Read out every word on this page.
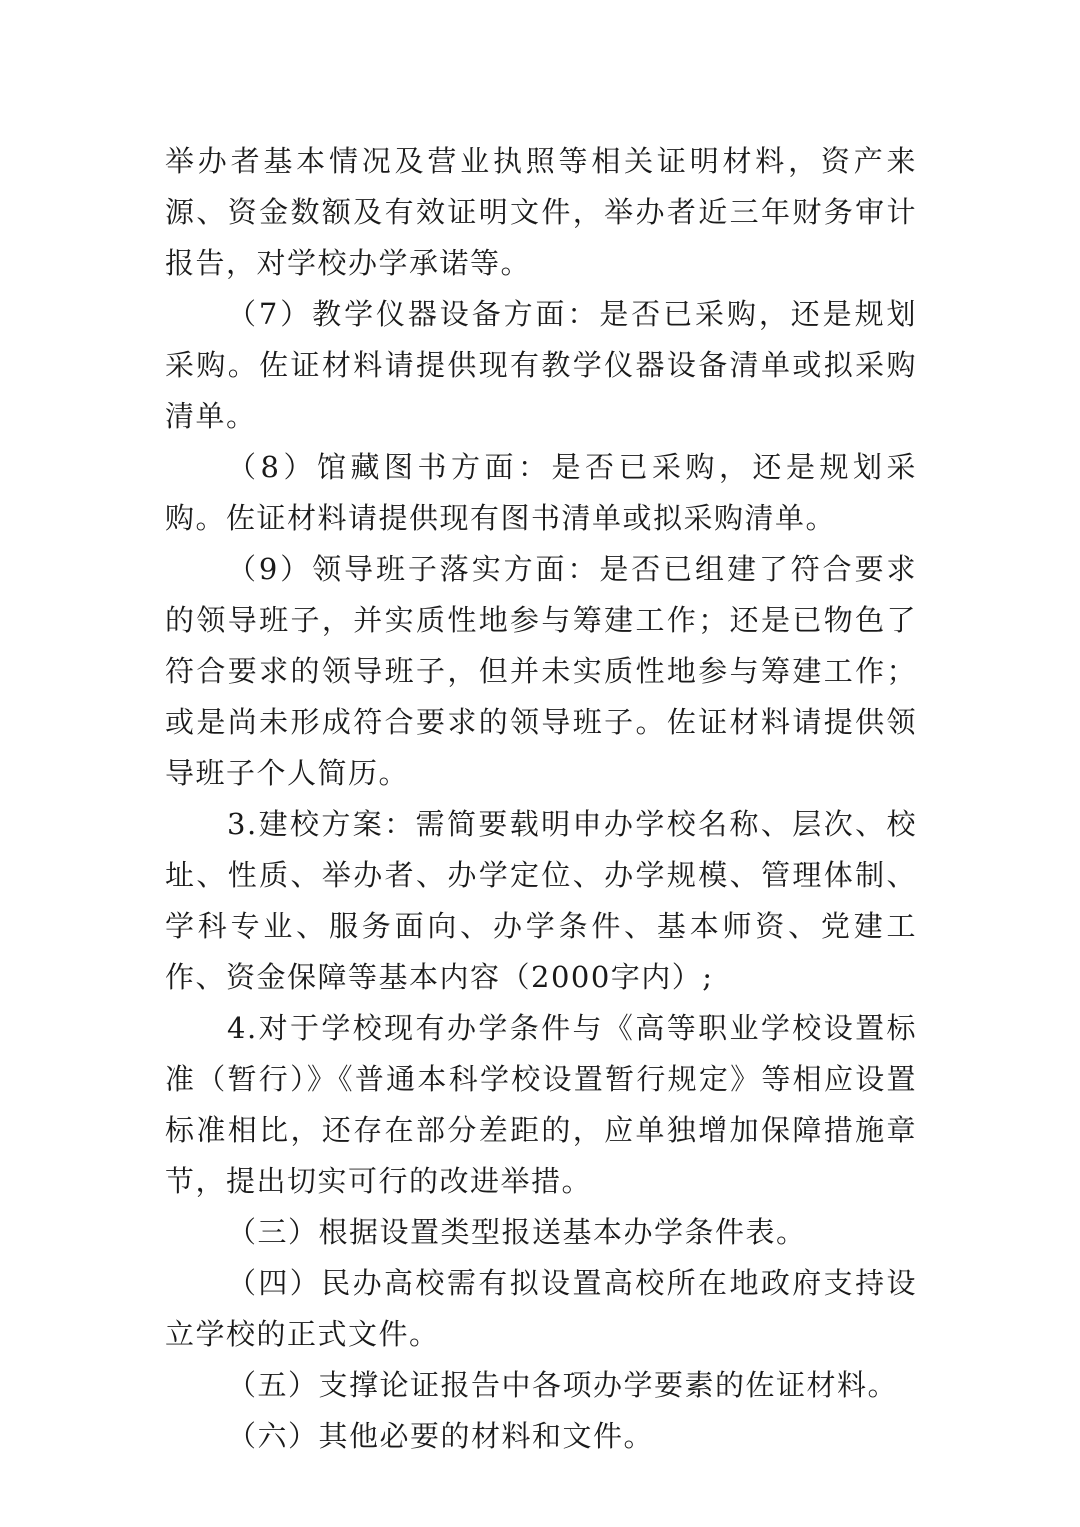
举办者基本情况及营业执照等相关证明材料，资产来源、资金数额及有效证明文件，举办者近三年财务审计报告，对学校办学承诺等。

（7）教学仪器设备方面：是否已采购，还是规划采购。佐证材料请提供现有教学仪器设备清单或拟采购清单。

（8）馆藏图书方面：是否已采购，还是规划采购。佐证材料请提供现有图书清单或拟采购清单。

（9）领导班子落实方面：是否已组建了符合要求的领导班子，并实质性地参与筹建工作；还是已物色了符合要求的领导班子，但并未实质性地参与筹建工作；或是尚未形成符合要求的领导班子。佐证材料请提供领导班子个人简历。

3.建校方案：需简要载明申办学校名称、层次、校址、性质、举办者、办学定位、办学规模、管理体制、学科专业、服务面向、办学条件、基本师资、党建工作、资金保障等基本内容（2000字内）;

4.对于学校现有办学条件与《高等职业学校设置标准（暂行）》《普通本科学校设置暂行规定》等相应设置标准相比，还存在部分差距的，应单独增加保障措施章节，提出切实可行的改进举措。

（三）根据设置类型报送基本办学条件表。

（四）民办高校需有拟设置高校所在地政府支持设立学校的正式文件。

（五）支撑论证报告中各项办学要素的佐证材料。

（六）其他必要的材料和文件。
